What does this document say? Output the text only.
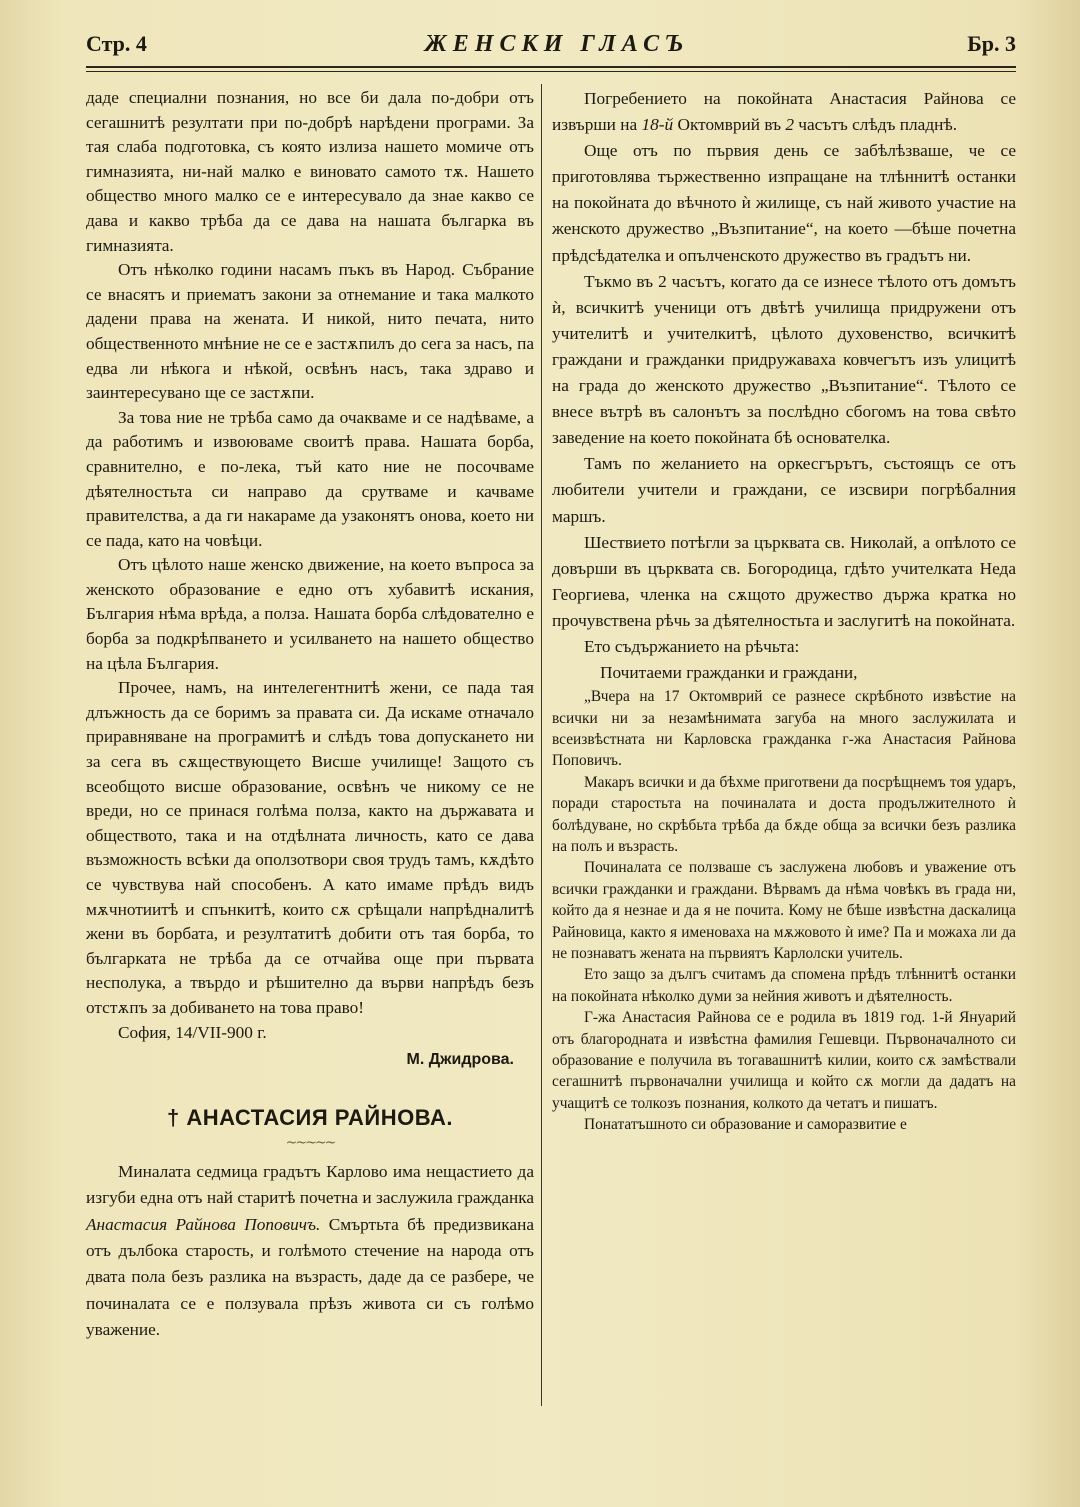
Стр. 4	ЖЕНСКИ ГЛАСЪ	Бр. 3

даде специални познания, но все би дала по-добри отъ сегашнитѣ резултати при по-добрѣ нарѣдени програми. За тая слаба подготовка, съ която излиза нашето момиче отъ гимназията, ни-най малко е виновато самото тѫ. Нашето общество много малко се е интересувало да знае какво се дава и какво трѣба да се дава на нашата българка въ гимназиятa.

Отъ нѣколко години насамъ пъкъ въ Народ. Събрание се внасятъ и приематъ закони за отнемание и така малкото дадени права на жената. И никой, нито печата, нито общественното мнѣние не се е застѫпилъ до сега за насъ, па едва ли нѣкога и нѣкой, освѣнъ насъ, така здраво и заинтересувано ще се застѫпи.

За това ние не трѣба само да очакваме и се надѣваме, а да работимъ и извоюваме своитѣ права. Нашата борба, сравнително, е по-лека, тъй като ние не посочваме дѣятелностьта си направо да срутваме и качваме правителства, а да ги накараме да узаконятъ онова, което ни се пада, като на човѣци.

Отъ цѣлото наше женско движение, на което въпроса за женското образование е едно отъ хубавитѣ искания, България нѣма врѣда, а полза. Нашата борба слѣдователно е борба за подкрѣпването и усилването на нашето общество на цѣла България.

Прочее, намъ, на интелегентнитѣ жени, се пада тая длъжность да се боримъ за правата си. Да искаме отначало приравняване на програмитѣ и слѣдъ това допускането ни за сега въ сѫществующето Висше училище! Защото съ всеобщото висше образование, освѣнъ че никому се не вреди, но се принася голѣма полза, както на държавата и обществото, така и на отдѣлната личность, като се дава възможность всѣки да оползотвори своя трудъ тамъ, кѫдѣто се чувствува най способенъ. А като имаме прѣдъ видъ мѫчнотиитѣ и спънкитѣ, които сѫ срѣщали напрѣдналитѣ жени въ борбата, и резултатитѣ добити отъ тая борба, то българката не трѣба да се отчайва още при първата несполука, а твърдо и рѣшително да върви напрѣдъ безъ отстѫпъ за добиването на това право!

София, 14/VII-900 г.

М. Джидрова.
† АНАСТАСИЯ РАЙНОВА.
~~~~~

Миналата седмица градътъ Карлово има нещастието да изгуби една отъ най старитѣ почетна и заслужила гражданка Анастасия Райнова Поповичъ. Смъртьта бѣ предизвикана отъ дълбока старость, и голѣмото стечение на народа отъ двата пола безъ разлика на възрасть, даде да се разбере, че починалата се е ползувала прѣзъ живота си съ голѣмо уважение.

Погребението на покойната Анастасия Райнова се извърши на 18-й Октомврий въ 2 часътъ слѣдъ пладнѣ.

Още отъ по първия день се забѣлѣзваше, че се приготовлява тържественно изпращане на тлѣннитѣ останки на покойната до вѣчното ѝ жилище, съ най живото участие на женското дружество „Възпитание“, на което —бѣше почетна прѣдсѣдателка и опълченското дружество въ градътъ ни.

Тъкмо въ 2 часътъ, когато да се изнесе тѣлото отъ домътъ ѝ, всичкитѣ ученици отъ двѣтѣ училища придружени отъ учителитѣ и учителкитѣ, цѣлото духовенство, всичкитѣ граждани и гражданки придружаваха ковчегътъ изъ улицитѣ на града до женското дружество „Възпитание“. Тѣлото се внесе вътрѣ въ салонътъ за послѣдно сбогомъ на това свѣто заведение на което покойната бѣ основателка.

Тамъ по желанието на оркесгърътъ, състоящъ се отъ любители учители и граждани, се изсвири погрѣбалния маршъ.

Шествието потѣгли за църквата св. Николай, а опѣлото се довърши въ църквата св. Богородица, гдѣто учителката Неда Георгиева, членка на сѫщото дружество държа кратка но прочувствена рѣчь за дѣятелностьта и заслугитѣ на покойната.

Ето съдържанието на рѣчьта:

Почитаеми гражданки и граждани,

„Вчера на 17 Октомврий се разнесе скрѣбното извѣстие на всички ни за незамѣнимата загуба на много заслужилата и всеизвѣстната ни Карловска гражданка г-жа Анастасия Райнова Поповичъ.

Макаръ всички и да бѣхме приготвени да посрѣщнемъ тоя ударъ, поради старостьта на починалата и доста продължителното ѝ болѣдуване, но скрѣбьта трѣба да бѫде обща за всички безъ разлика на полъ и възрасть.

Починалата се ползваше съ заслужена любовъ и уважение отъ всички гражданки и граждани. Вѣрвамъ да нѣма човѣкъ въ града ни, който да я незнае и да я не почита. Кому не бѣше извѣстна даскалица Райновица, както я именоваха на мѫжовото ѝ име? Па и можаха ли да не познаватъ жената на първиятъ Карлолски учитель.

Ето защо за дългъ считамъ да спомена прѣдъ тлѣннитѣ останки на покойната нѣколко думи за нейния животъ и дѣятелность.

Г-жа Анастасия Райнова се е родила въ 1819 год. 1-й Януарий отъ благородната и извѣстна фамилия Гешевци. Първоначалното си образование е получила въ тогавашнитѣ килии, които сѫ замѣствали сегашнитѣ първоначални училища и който сѫ могли да дадатъ на учащитѣ се толкозъ познания, колкото да четатъ и пишатъ.

Понататъшното си образование и саморазвитие е
